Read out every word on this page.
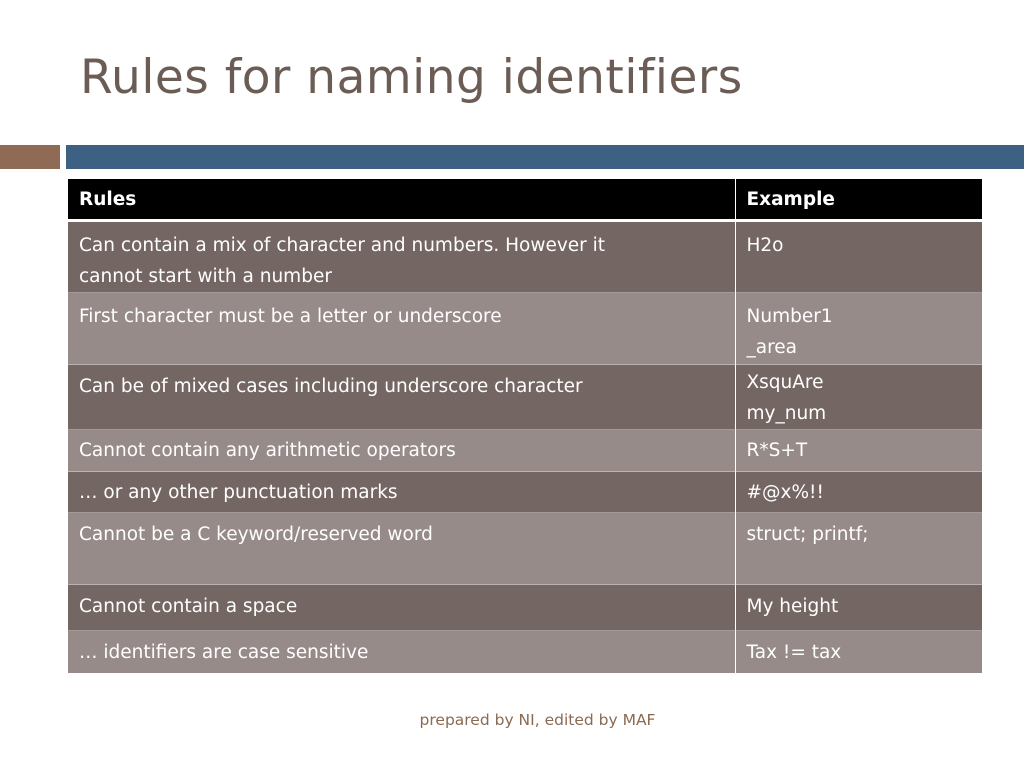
Rules for naming identifiers
Rules	Example

Can contain a mix of character and numbers. However it
cannot start with a number	H2o

First character must be a letter or underscore	Number1
_area

Can be of mixed cases including underscore character	XsquAre
my_num

Cannot contain any arithmetic operators	R*S+T

… or any other punctuation marks	#@x%!!

Cannot be a C keyword/reserved word	struct; printf;

Cannot contain a space	My height

… identifiers are case sensitive	Tax != tax
prepared by NI, edited by MAF
